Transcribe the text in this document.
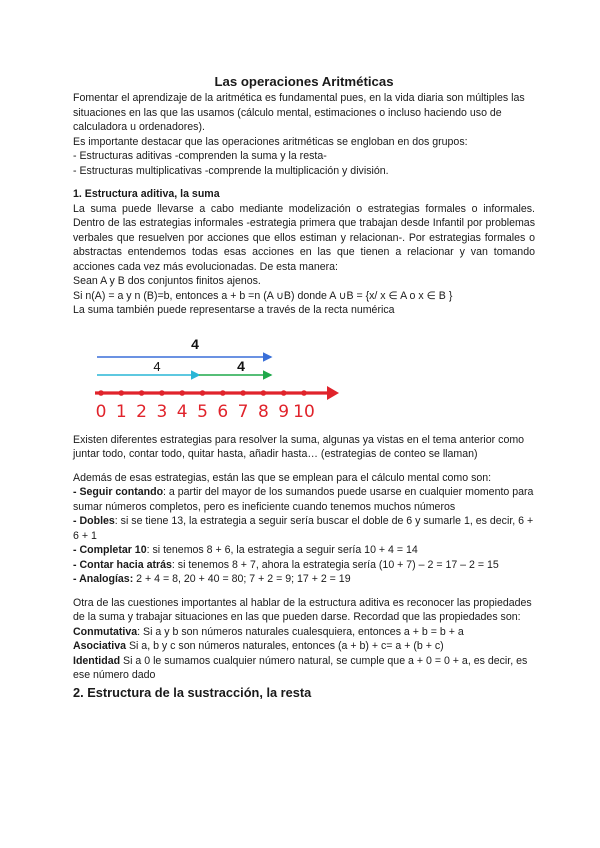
Las operaciones Aritméticas

Fomentar el aprendizaje de la aritmética es fundamental pues, en la vida diaria son múltiples las situaciones en las que las usamos (cálculo mental, estimaciones o incluso haciendo uso de calculadora u ordenadores).

Es importante destacar que las operaciones aritméticas se engloban en dos grupos:

- Estructuras aditivas -comprenden la suma y la resta-

- Estructuras multiplicativas -comprende la multiplicación y división.

1. Estructura aditiva, la suma

La suma puede llevarse a cabo mediante modelización o estrategias formales o informales. Dentro de las estrategias informales -estrategia primera que trabajan desde Infantil por problemas verbales que resuelven por acciones que ellos estiman y relacionan-. Por estrategias formales o abstractas entendemos todas esas acciones en las que tienen a relacionar y van tomando acciones cada vez más evolucionadas. De esta manera:

Sean A y B dos conjuntos finitos ajenos.

Si n(A) = a y n (B)=b, entonces a + b =n (A ∪B) donde A ∪B = {x/ x ∈ A o x ∈ B }

La suma también puede representarse a través de la recta numérica

4
4	4
0 1 2 3 4 5 6 7 8 9 10

Existen diferentes estrategias para resolver la suma, algunas ya vistas en el tema anterior como juntar todo, contar todo, quitar hasta, añadir hasta… (estrategias de conteo se llaman)

Además de esas estrategias, están las que se emplean para el cálculo mental como son:

- Seguir contando: a partir del mayor de los sumandos puede usarse en cualquier momento para sumar números completos, pero es ineficiente cuando tenemos muchos números

- Dobles: si se tiene 13, la estrategia a seguir sería buscar el doble de 6 y sumarle 1, es decir, 6 + 6 + 1

- Completar 10: si tenemos 8 + 6, la estrategia a seguir sería 10 + 4 = 14

- Contar hacia atrás: si tenemos 8 + 7, ahora la estrategia sería (10 + 7) – 2 = 17 – 2 = 15

- Analogías: 2 + 4 = 8, 20 + 40 = 80; 7 + 2 = 9; 17 + 2 = 19

Otra de las cuestiones importantes al hablar de la estructura aditiva es reconocer las propiedades de la suma y trabajar situaciones en las que pueden darse. Recordad que las propiedades son:

Conmutativa: Si a y b son números naturales cualesquiera, entonces a + b = b + a

Asociativa Si a, b y c son números naturales, entonces (a + b) + c= a + (b + c)

Identidad Si a 0 le sumamos cualquier número natural, se cumple que a + 0 = 0 + a, es decir, es ese número dado

2. Estructura de la sustracción, la resta
